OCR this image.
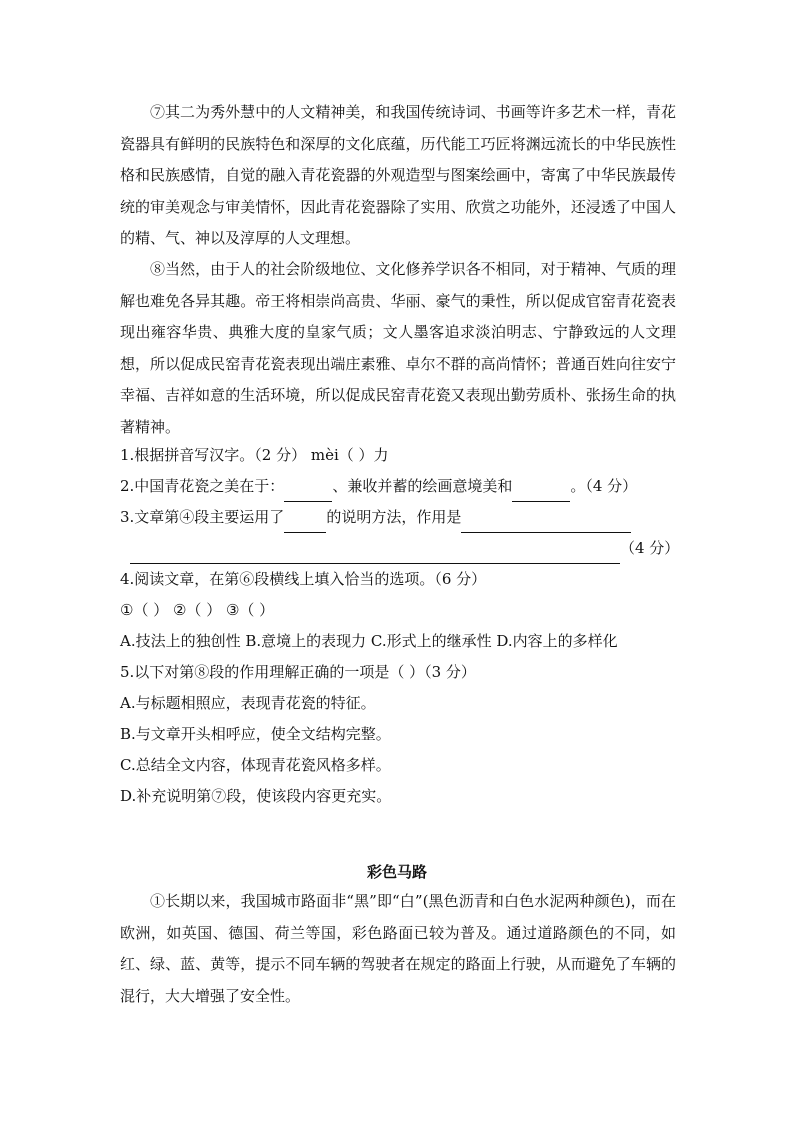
⑦其二为秀外慧中的人文精神美，和我国传统诗词、书画等许多艺术一样，青花瓷器具有鲜明的民族特色和深厚的文化底蕴，历代能工巧匠将渊远流长的中华民族性格和民族感情，自觉的融入青花瓷器的外观造型与图案绘画中，寄寓了中华民族最传统的审美观念与审美情怀，因此青花瓷器除了实用、欣赏之功能外，还浸透了中国人的精、气、神以及淳厚的人文理想。

⑧当然，由于人的社会阶级地位、文化修养学识各不相同，对于精神、气质的理解也难免各异其趣。帝王将相崇尚高贵、华丽、豪气的秉性，所以促成官窑青花瓷表现出雍容华贵、典雅大度的皇家气质；文人墨客追求淡泊明志、宁静致远的人文理想，所以促成民窑青花瓷表现出端庄素雅、卓尔不群的高尚情怀；普通百姓向往安宁幸福、吉祥如意的生活环境，所以促成民窑青花瓷又表现出勤劳质朴、张扬生命的执著精神。

1.根据拼音写汉字。（2 分） mèi（ ）力
2.中国青花瓷之美在于：	、兼收并蓄的绘画意境美和	。（4 分）
3.文章第④段主要运用了	的说明方法，作用是
（4 分）
4.阅读文章，在第⑥段横线上填入恰当的选项。（6 分）
①（ ） ②（ ） ③（ ）
A.技法上的独创性 B.意境上的表现力 C.形式上的继承性 D.内容上的多样化
5.以下对第⑧段的作用理解正确的一项是（ ）（3 分）
A.与标题相照应，表现青花瓷的特征。
B.与文章开头相呼应，使全文结构完整。
C.总结全文内容，体现青花瓷风格多样。
D.补充说明第⑦段，使该段内容更充实。
彩色马路

①长期以来，我国城市路面非“黑”即“白”(黑色沥青和白色水泥两种颜色)，而在欧洲，如英国、德国、荷兰等国，彩色路面已较为普及。通过道路颜色的不同，如红、绿、蓝、黄等，提示不同车辆的驾驶者在规定的路面上行驶，从而避免了车辆的混行，大大增强了安全性。
